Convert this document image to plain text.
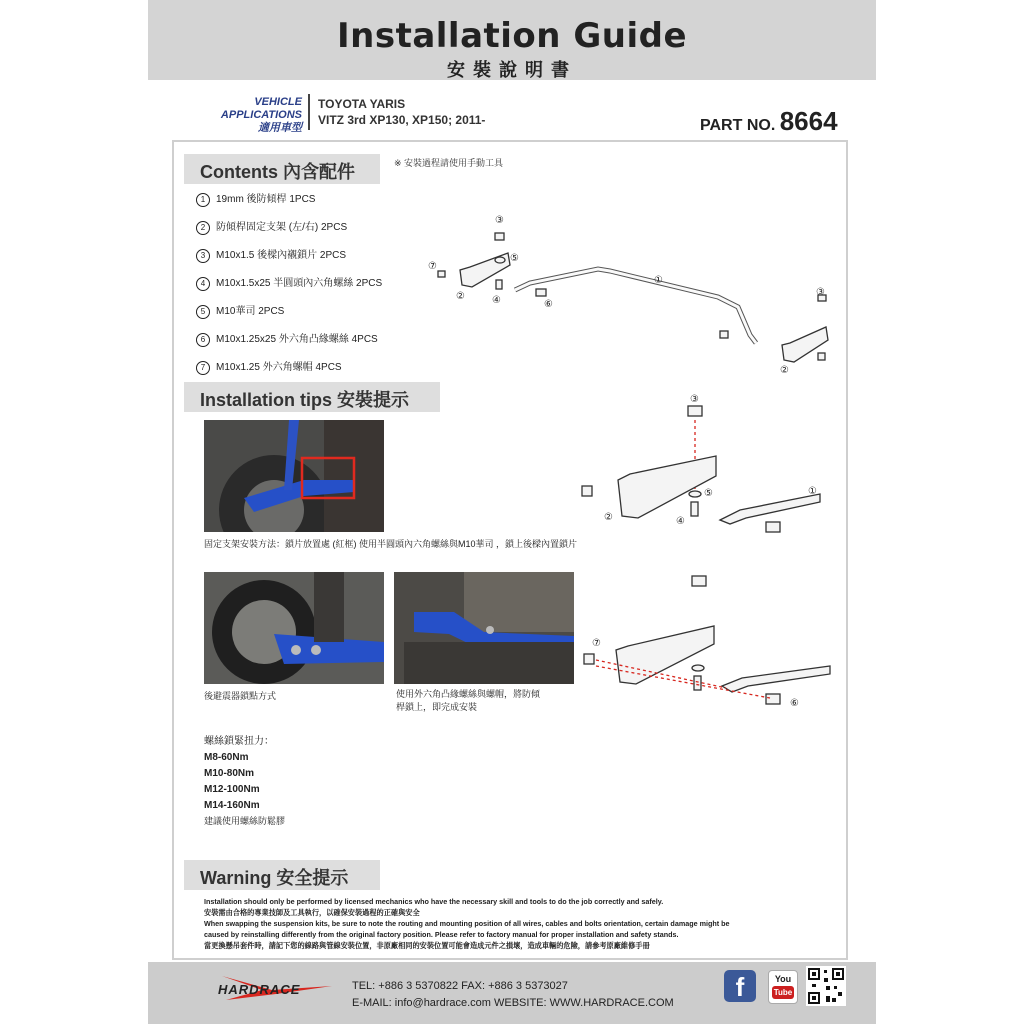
Installation Guide
安裝說明書
VEHICLE APPLICATIONS
適用車型
TOYOTA YARIS
VITZ 3rd XP130, XP150; 2011-	PART NO. 8664
Contents 內含配件	※ 安裝過程請使用手動工具
1 19mm 後防傾桿 1PCS
2 防傾桿固定支架 (左/右) 2PCS
3 M10x1.5 後樑內襯鎖片 2PCS
4 M10x1.5x25 半圓頭內六角螺絲 2PCS
5 M10華司 2PCS
6 M10x1.25x25 外六角凸緣螺絲 4PCS
7 M10x1.25 外六角螺帽 4PCS
③
⑤
⑦
②	④	⑥
①
③
②
Installation tips 安裝提示
固定支架安裝方法：鎖片放置處 (紅框) 使用半圓頭內六角螺絲與M10華司 ，鎖上後樑內置鎖片
③
⑤
④
②
①
後避震器鎖點方式	使用外六角凸緣螺絲與螺帽，將防傾
桿鎖上，即完成安裝
⑦
⑥
螺絲鎖緊扭力：
M8-60Nm
M10-80Nm
M12-100Nm
M14-160Nm
建議使用螺絲防鬆膠
Warning 安全提示
Installation should only be performed by licensed mechanics who have the necessary skill and tools to do the job correctly and safely.
安裝需由合格的專業技師及工具執行，以確保安裝過程的正確與安全
When swapping the suspension kits, be sure to note the routing and mounting position of all wires, cables and bolts orientation, certain damage might be
caused by reinstalling differently from the original factory position. Please refer to factory manual for proper installation and safety stands.
當更換懸吊套件時，請記下您的線路與管線安裝位置，非原廠相同的安裝位置可能會造成元件之損壞，造成車輛的危險，請參考原廠維修手冊
HARDRACE	TEL: +886 3 5370822 FAX: +886 3 5373027
E-MAIL: info@hardrace.com WEBSITE: WWW.HARDRACE.COM
f	You
Tube
